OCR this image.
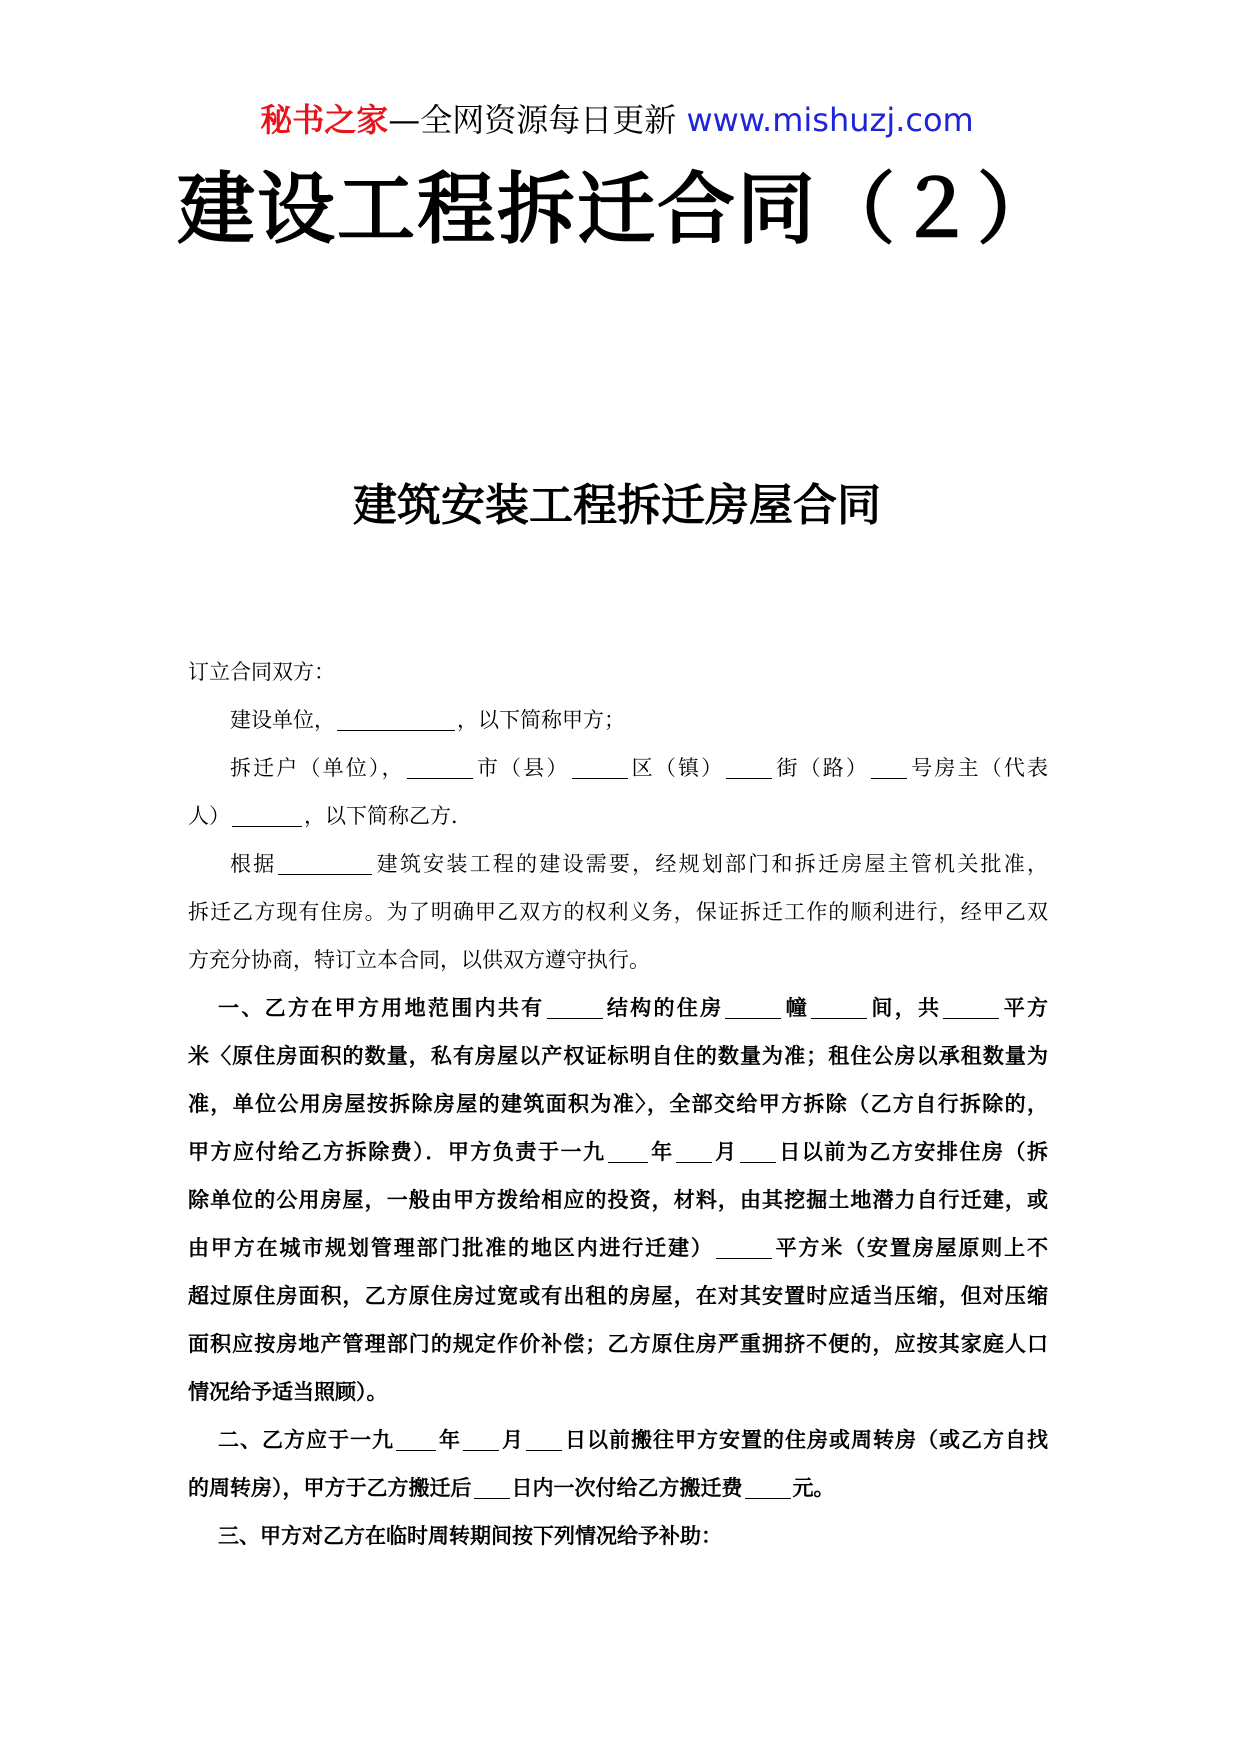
秘书之家—全网资源每日更新 www.mishuzj.com
建设工程拆迁合同（２）
建筑安装工程拆迁房屋合同
订立合同双方：
建设单位，	，以下简称甲方；
拆迁户（单位），	市（县）	区（镇） 街（路） 号房主（代表
人）	，以下简称乙方．
根据	建筑安装工程的建设需要，经规划部门和拆迁房屋主管机关批准，
拆迁乙方现有住房。为了明确甲乙双方的权利义务，保证拆迁工作的顺利进行，经甲乙双
方充分协商，特订立本合同，以供双方遵守执行。
一、乙方在甲方用地范围内共有	结构的住房	幢	间，共	平方
米〈原住房面积的数量，私有房屋以产权证标明自住的数量为准；租住公房以承租数量为
准，单位公用房屋按拆除房屋的建筑面积为准〉，全部交给甲方拆除（乙方自行拆除的，
甲方应付给乙方拆除费）．甲方负责于一九 年 月 日以前为乙方安排住房（拆
除单位的公用房屋，一般由甲方拨给相应的投资，材料，由其挖掘土地潜力自行迁建，或
由甲方在城市规划管理部门批准的地区内进行迁建）	平方米（安置房屋原则上不
超过原住房面积，乙方原住房过宽或有出租的房屋，在对其安置时应适当压缩，但对压缩
面积应按房地产管理部门的规定作价补偿；乙方原住房严重拥挤不便的，应按其家庭人口
情况给予适当照顾）。
二、乙方应于一九 年 月 日以前搬往甲方安置的住房或周转房（或乙方自找
的周转房），甲方于乙方搬迁后 日内一次付给乙方搬迁费 元。
三、甲方对乙方在临时周转期间按下列情况给予补助：
